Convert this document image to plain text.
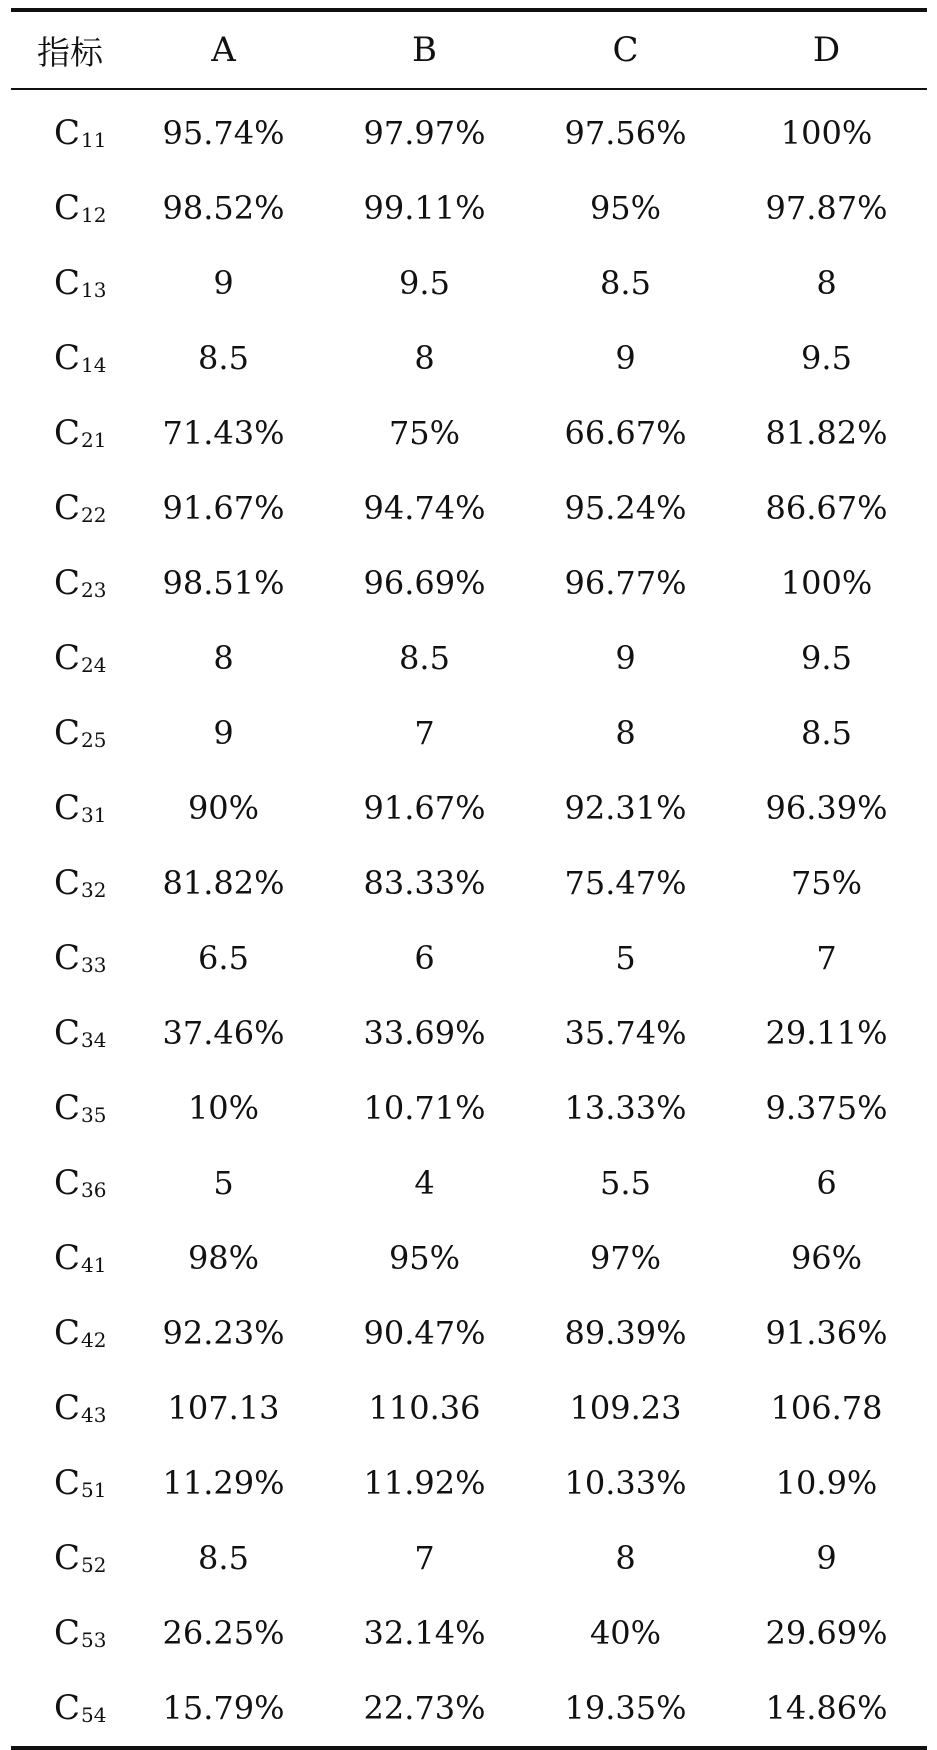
指标	A	B	C	D
$C_{11}$	95.74%	97.97%	97.56%	100%
$C_{12}$	98.52%	99.11%	95%	97.87%
$C_{13}$	9	9.5	8.5	8
$C_{14}$	8.5	8	9	9.5
$C_{21}$	71.43%	75%	66.67%	81.82%
$C_{22}$	91.67%	94.74%	95.24%	86.67%
$C_{23}$	98.51%	96.69%	96.77%	100%
$C_{24}$	8	8.5	9	9.5
$C_{25}$	9	7	8	8.5
$C_{31}$	90%	91.67%	92.31%	96.39%
$C_{32}$	81.82%	83.33%	75.47%	75%
$C_{33}$	6.5	6	5	7
$C_{34}$	37.46%	33.69%	35.74%	29.11%
$C_{35}$	10%	10.71%	13.33%	9.375%
$C_{36}$	5	4	5.5	6
$C_{41}$	98%	95%	97%	96%
$C_{42}$	92.23%	90.47%	89.39%	91.36%
$C_{43}$	107.13	110.36	109.23	106.78
$C_{51}$	11.29%	11.92%	10.33%	10.9%
$C_{52}$	8.5	7	8	9
$C_{53}$	26.25%	32.14%	40%	29.69%
$C_{54}$	15.79%	22.73%	19.35%	14.86%
